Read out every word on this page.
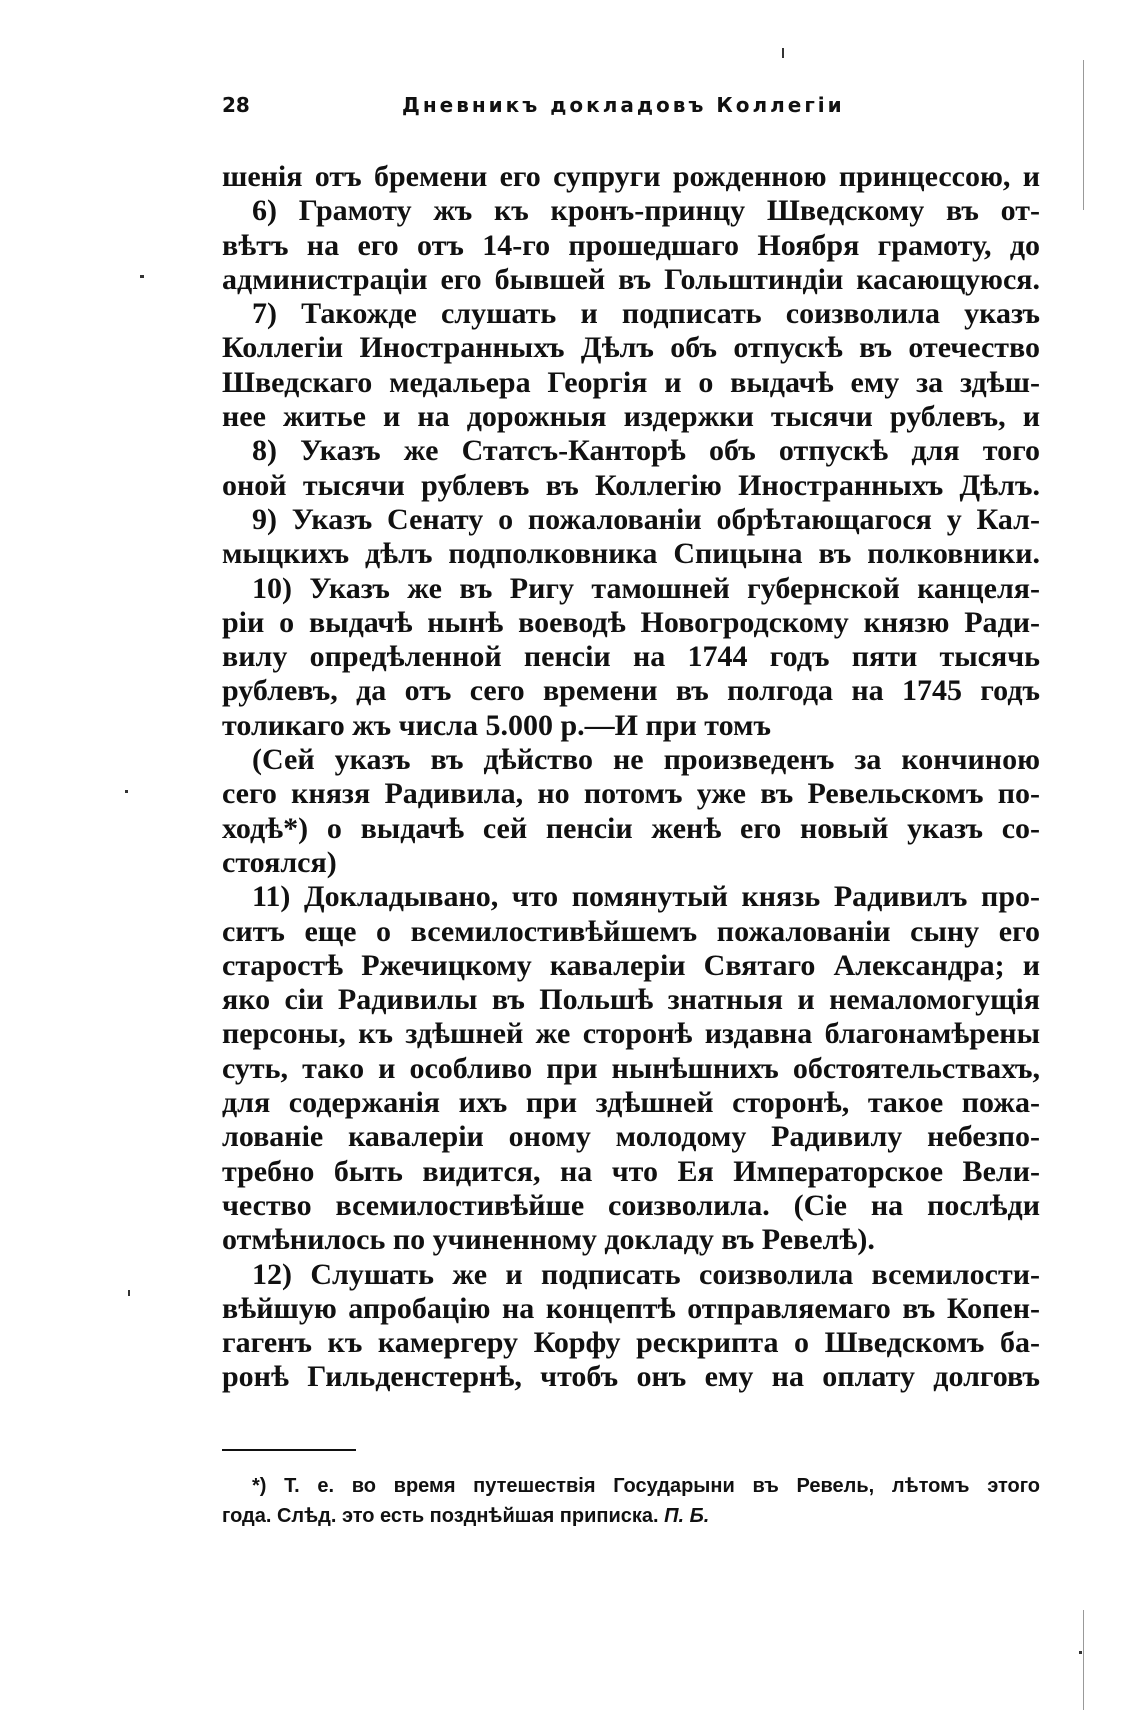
28	Дневникъ докладовъ Коллегіи
шенія отъ бремени его супруги рожденною принцессою, и
6) Грамоту жъ къ кронъ-принцу Шведскому въ от-
вѣтъ на его отъ 14-го прошедшаго Ноября грамоту, до
администраціи его бывшей въ Гольштиндіи касающуюся.
7) Такожде слушать и подписать соизволила указъ
Коллегіи Иностранныхъ Дѣлъ объ отпускѣ въ отечество
Шведскаго медальера Георгія и о выдачѣ ему за здѣш-
нее житье и на дорожныя издержки тысячи рублевъ, и
8) Указъ же Статсъ-Канторѣ объ отпускѣ для того
оной тысячи рублевъ въ Коллегію Иностранныхъ Дѣлъ.
9) Указъ Сенату о пожалованіи обрѣтающагося у Кал-
мыцкихъ дѣлъ подполковника Спицына въ полковники.
10) Указъ же въ Ригу тамошней губернской канцеля-
ріи о выдачѣ нынѣ воеводѣ Новогродскому князю Ради-
вилу опредѣленной пенсіи на 1744 годъ пяти тысячь
рублевъ, да отъ сего времени въ полгода на 1745 годъ
толикаго жъ числа 5.000 р.—И при томъ
(Сей указъ въ дѣйство не произведенъ за кончиною
сего князя Радивила, но потомъ уже въ Ревельскомъ по-
ходѣ*) о выдачѣ сей пенсіи женѣ его новый указъ со-
стоялся)
11) Докладывано, что помянутый князь Радивилъ про-
ситъ еще о всемилостивѣйшемъ пожалованіи сыну его
старостѣ Ржечицкому кавалеріи Святаго Александра; и
яко сіи Радивилы въ Польшѣ знатныя и немаломогущія
персоны, къ здѣшней же сторонѣ издавна благонамѣрены
суть, тако и особливо при нынѣшнихъ обстоятельствахъ,
для содержанія ихъ при здѣшней сторонѣ, такое пожа-
лованіе кавалеріи оному молодому Радивилу небезпо-
требно быть видится, на что Ея Императорское Вели-
чество всемилостивѣйше соизволила. (Сіе на послѣди
отмѣнилось по учиненному докладу въ Ревелѣ).
12) Слушать же и подписать соизволила всемилости-
вѣйшую апробацію на концептѣ отправляемаго въ Копен-
гагенъ къ камергеру Корфу рескрипта о Шведскомъ ба-
ронѣ Гильденстернѣ, чтобъ онъ ему на оплату долговъ
*) Т. е. во время путешествія Государыни въ Ревель, лѣтомъ этого
года. Слѣд. это есть позднѣйшая приписка. П. Б.
